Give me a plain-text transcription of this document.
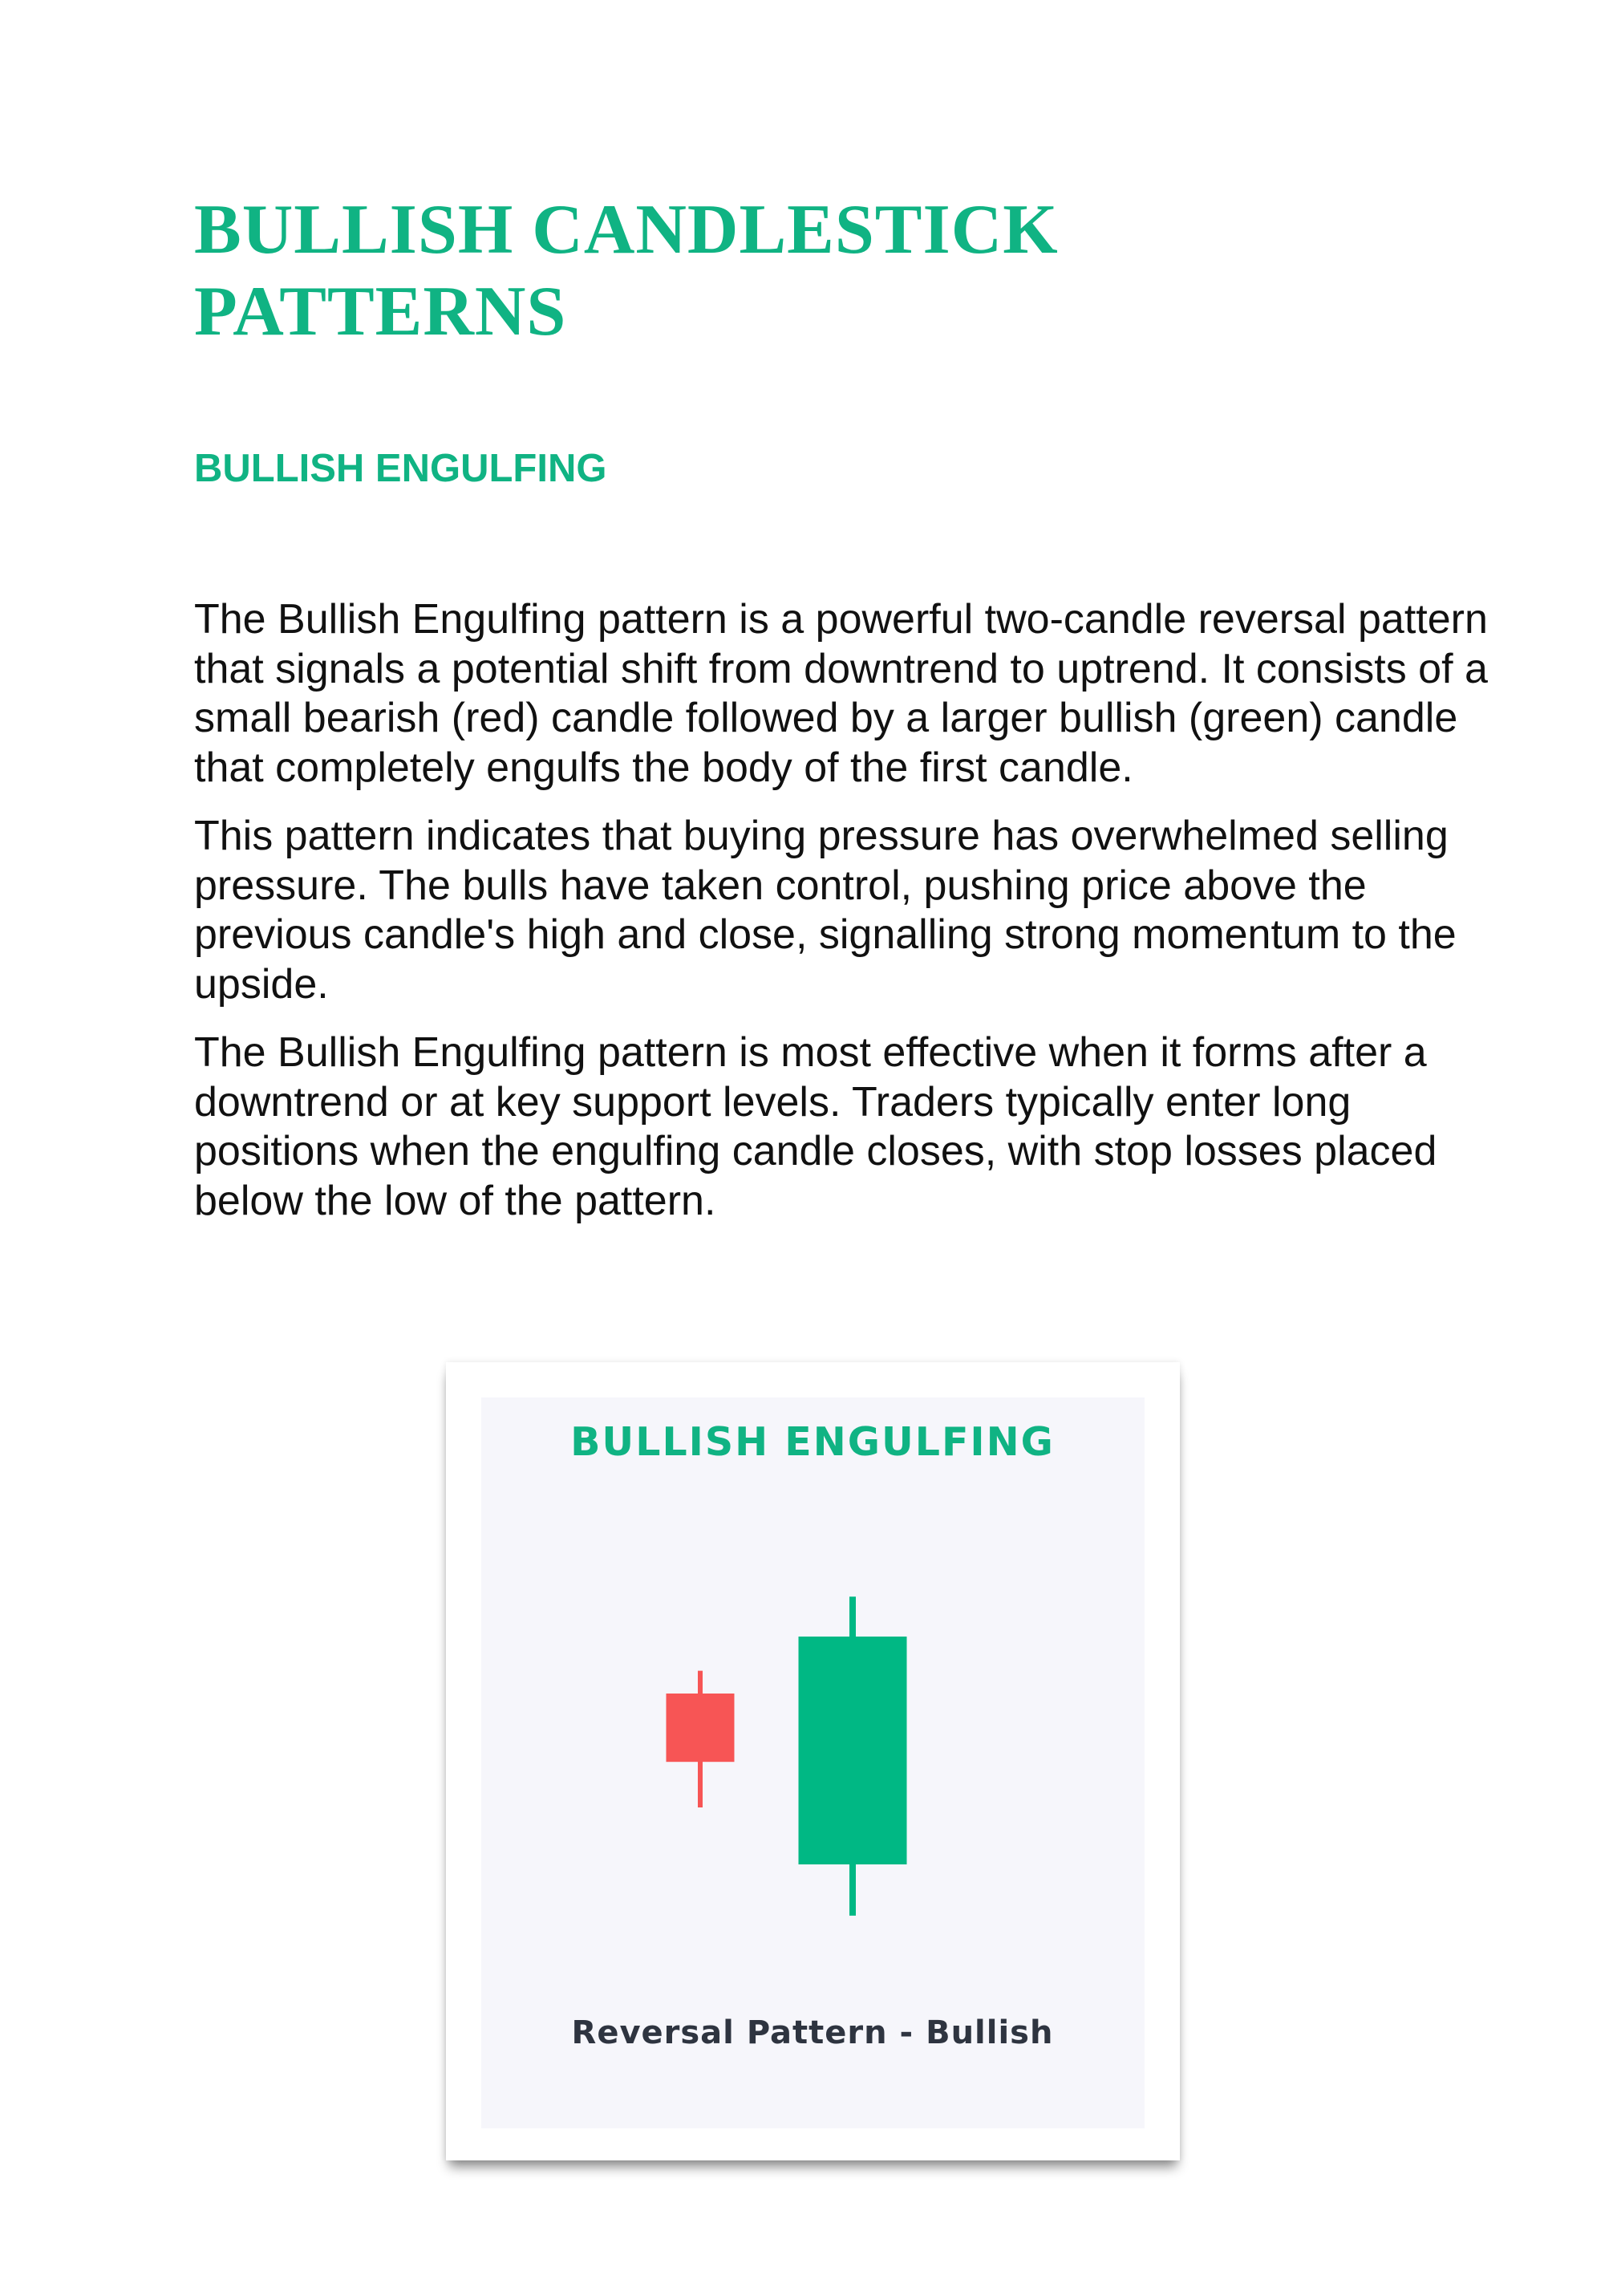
BULLISH CANDLESTICK PATTERNS
BULLISH ENGULFING

The Bullish Engulfing pattern is a powerful two-candle reversal pattern that signals a potential shift from downtrend to uptrend. It consists of a small bearish (red) candle followed by a larger bullish (green) candle that completely engulfs the body of the first candle.

This pattern indicates that buying pressure has overwhelmed selling pressure. The bulls have taken control, pushing price above the previous candle's high and close, signalling strong momentum to the upside.

The Bullish Engulfing pattern is most effective when it forms after a downtrend or at key support levels. Traders typically enter long positions when the engulfing candle closes, with stop losses placed below the low of the pattern.

BULLISH ENGULFING
Reversal Pattern - Bullish
